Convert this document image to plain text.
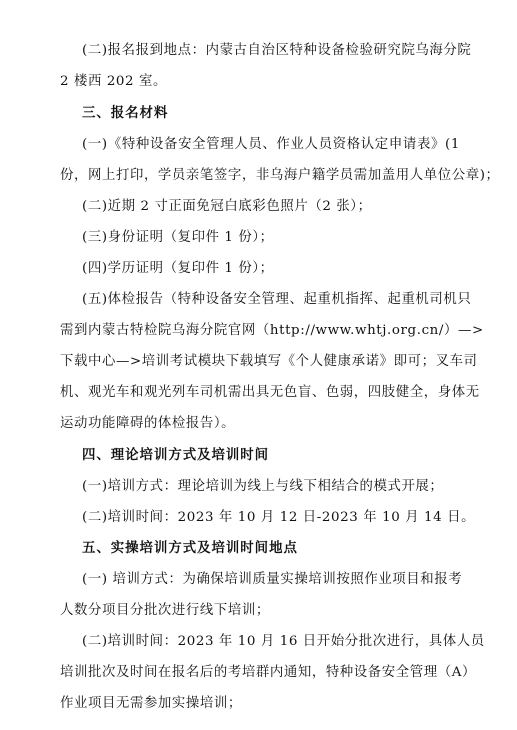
(二)报名报到地点：内蒙古自治区特种设备检验研究院乌海分院
2 楼西 202 室。
三、报名材料
(一)《特种设备安全管理人员、作业人员资格认定申请表》(1
份，网上打印，学员亲笔签字，非乌海户籍学员需加盖用人单位公章)；
(二)近期 2 寸正面免冠白底彩色照片（2 张）；
(三)身份证明（复印件 1 份）；
(四)学历证明（复印件 1 份）；
(五)体检报告（特种设备安全管理、起重机指挥、起重机司机只
需到内蒙古特检院乌海分院官网（http://www.whtj.org.cn/）—>
下载中心—>培训考试模块下载填写《个人健康承诺》即可；叉车司
机、观光车和观光列车司机需出具无色盲、色弱，四肢健全，身体无
运动功能障碍的体检报告）。
四、理论培训方式及培训时间
(一)培训方式：理论培训为线上与线下相结合的模式开展；
(二)培训时间：2023 年 10 月 12 日-2023 年 10 月 14 日。
五、实操培训方式及培训时间地点
(一) 培训方式：为确保培训质量实操培训按照作业项目和报考
人数分项目分批次进行线下培训；
(二)培训时间：2023 年 10 月 16 日开始分批次进行，具体人员
培训批次及时间在报名后的考培群内通知，特种设备安全管理（A）
作业项目无需参加实操培训；
